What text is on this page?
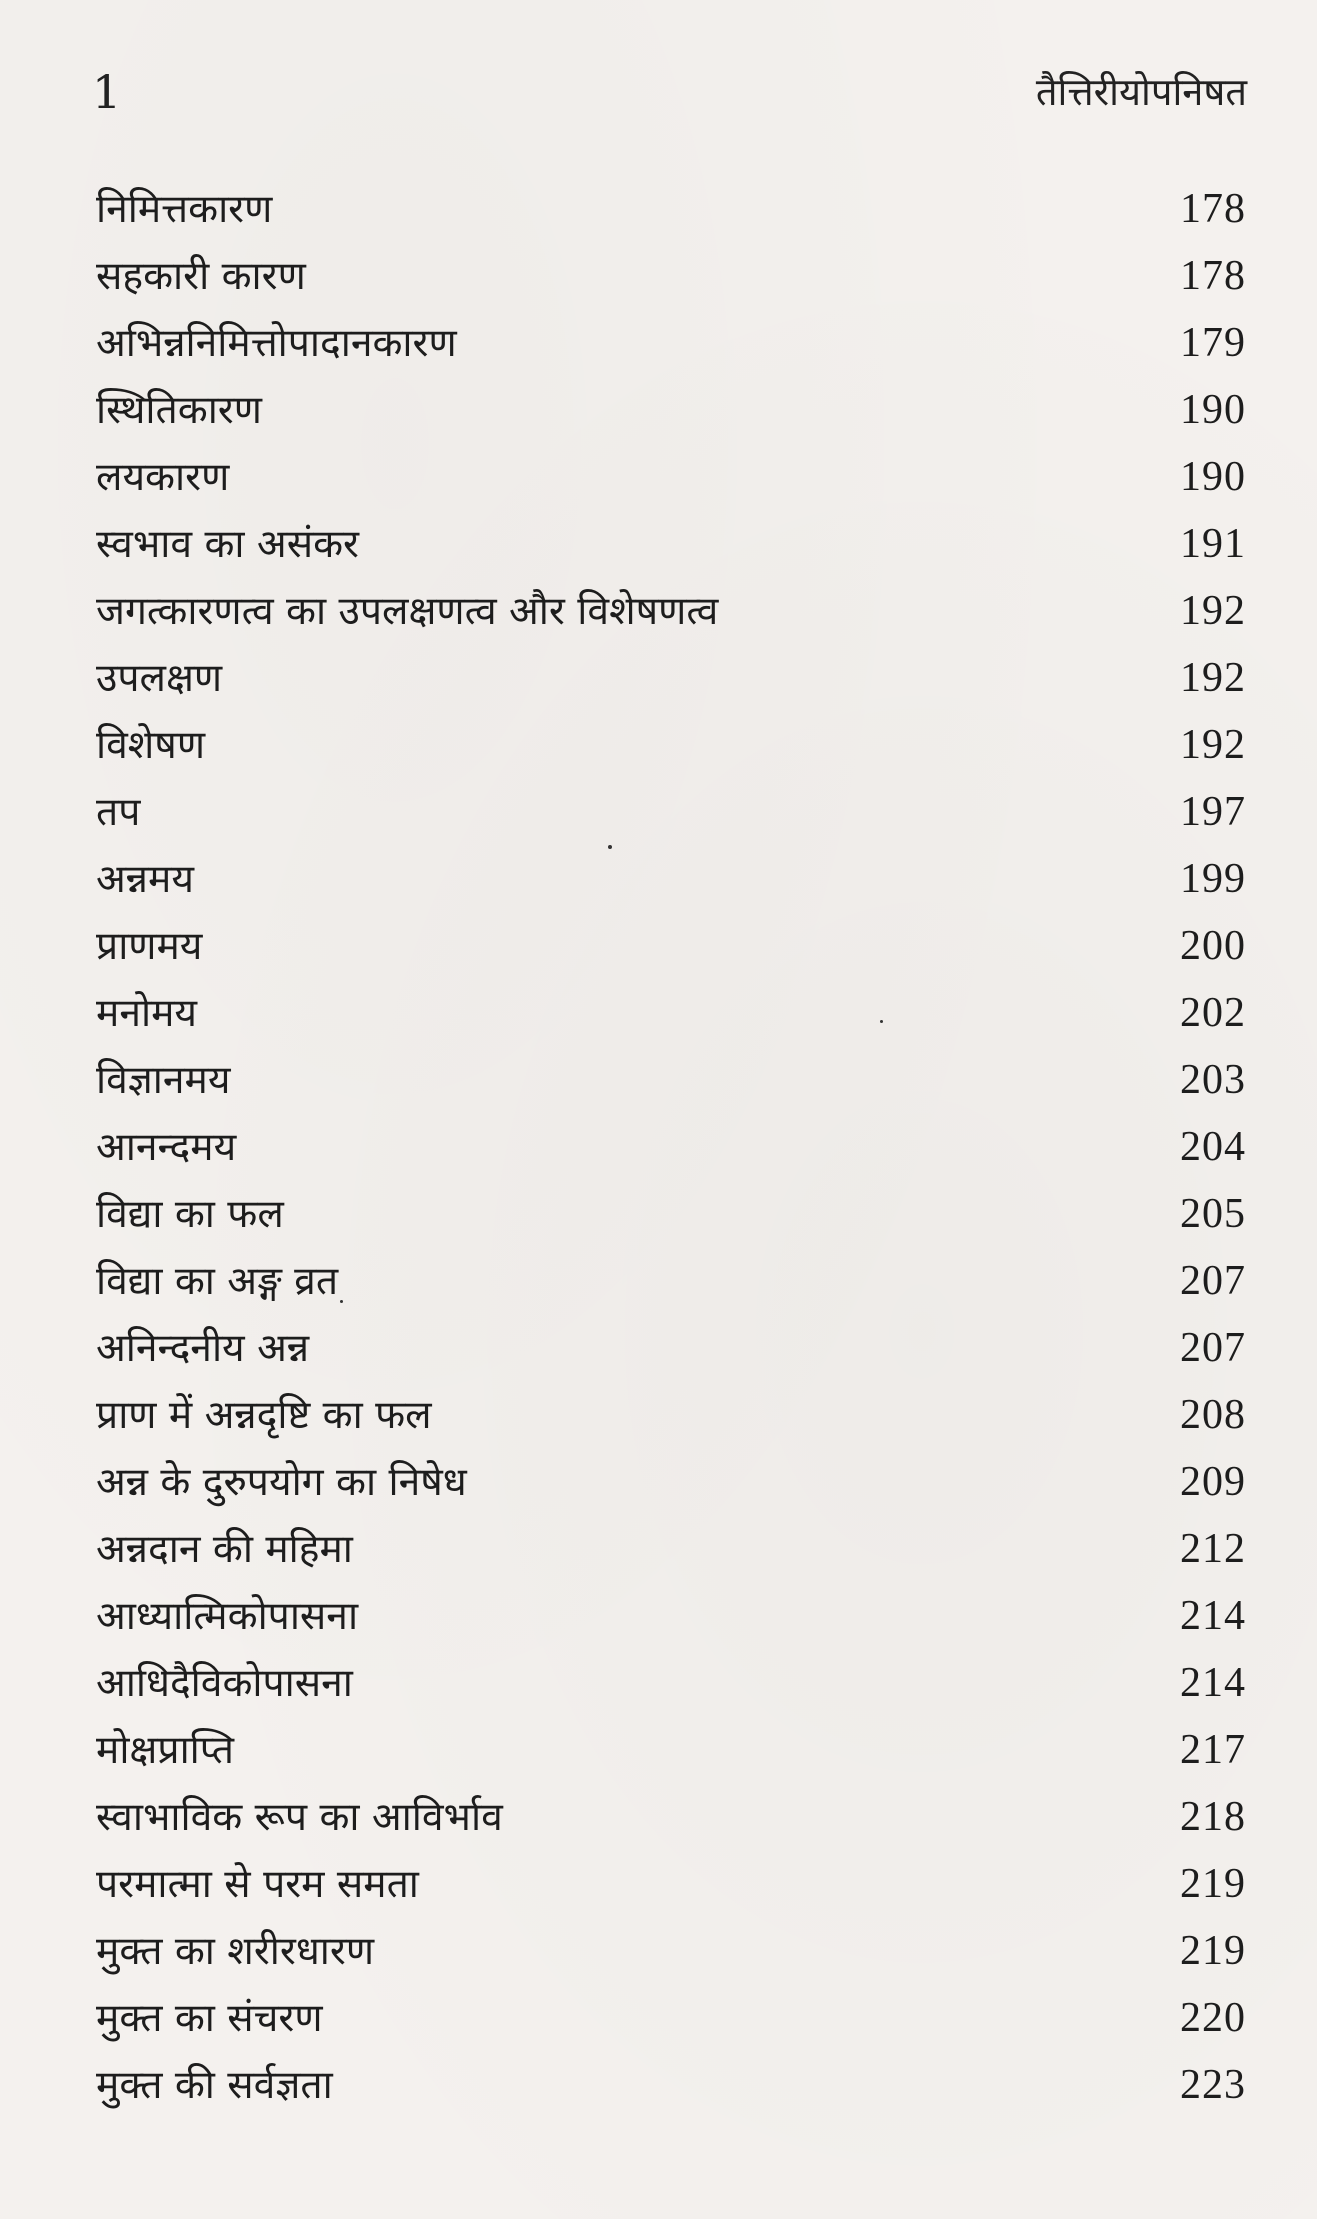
1	तैत्तिरीयोपनिषत
निमित्तकारण	178
सहकारी कारण	178
अभिन्ननिमित्तोपादानकारण	179
स्थितिकारण	190
लयकारण	190
स्वभाव का असंकर	191
जगत्कारणत्व का उपलक्षणत्व और विशेषणत्व	192
उपलक्षण	192
विशेषण	192
तप	197
अन्नमय	199
प्राणमय	200
मनोमय	202
विज्ञानमय	203
आनन्दमय	204
विद्या का फल	205
विद्या का अङ्ग व्रत	207
अनिन्दनीय अन्न	207
प्राण में अन्नदृष्टि का फल	208
अन्न के दुरुपयोग का निषेध	209
अन्नदान की महिमा	212
आध्यात्मिकोपासना	214
आधिदैविकोपासना	214
मोक्षप्राप्ति	217
स्वाभाविक रूप का आविर्भाव	218
परमात्मा से परम समता	219
मुक्त का शरीरधारण	219
मुक्त का संचरण	220
मुक्त की सर्वज्ञता	223
